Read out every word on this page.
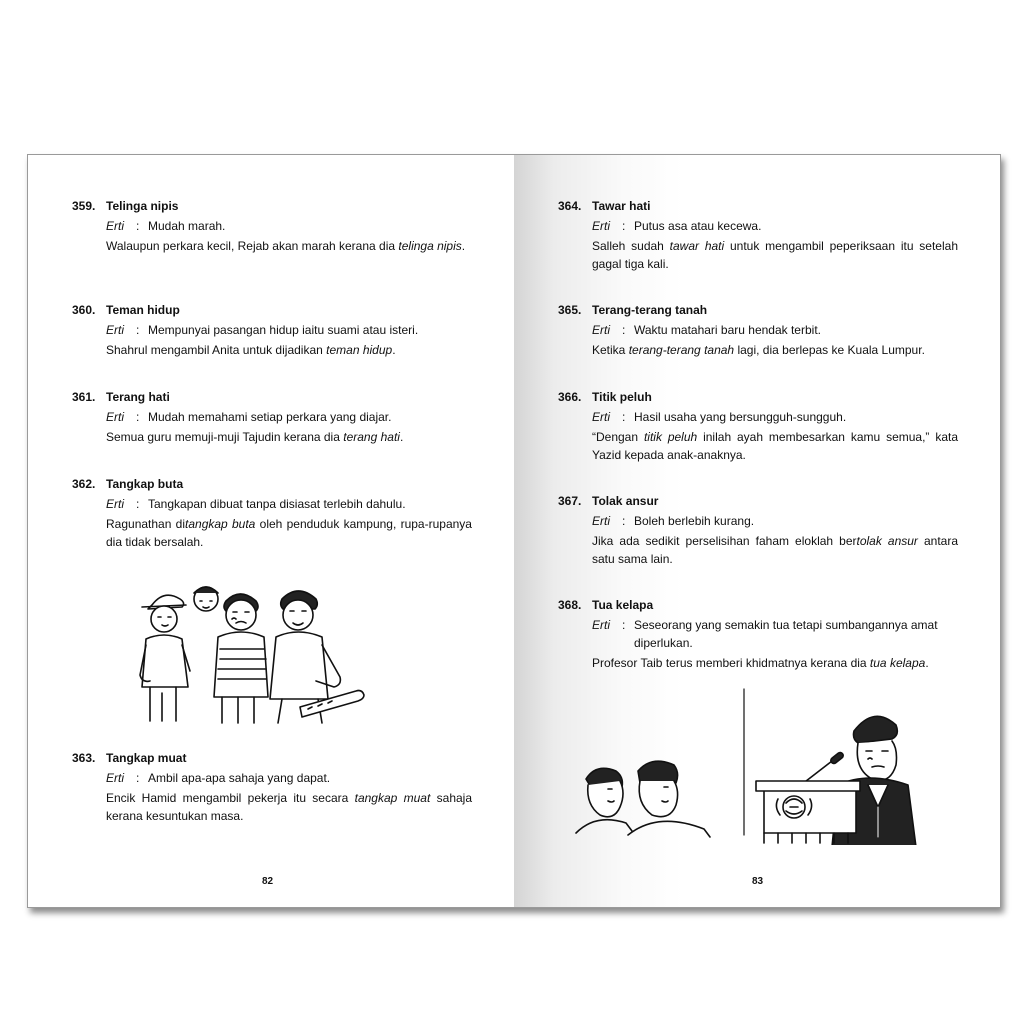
359. Telinga nipis
Erti	: Mudah marah.
Walaupun perkara kecil, Rejab akan marah kerana dia telinga nipis.
360. Teman hidup
Erti	: Mempunyai pasangan hidup iaitu suami atau isteri.
Shahrul mengambil Anita untuk dijadikan teman hidup.
361. Terang hati
Erti	: Mudah memahami setiap perkara yang diajar.
Semua guru memuji-muji Tajudin kerana dia terang hati.
362. Tangkap buta
Erti	: Tangkapan dibuat tanpa disiasat terlebih dahulu.
Ragunathan ditangkap buta oleh penduduk kampung, rupa-rupanya dia tidak bersalah.
363. Tangkap muat
Erti	: Ambil apa-apa sahaja yang dapat.
Encik Hamid mengambil pekerja itu secara tangkap muat sahaja kerana kesuntukan masa.
82
364. Tawar hati
Erti	: Putus asa atau kecewa.
Salleh sudah tawar hati untuk mengambil peperiksaan itu setelah gagal tiga kali.
365. Terang-terang tanah
Erti	: Waktu matahari baru hendak terbit.
Ketika terang-terang tanah lagi, dia berlepas ke Kuala Lumpur.
366. Titik peluh
Erti	: Hasil usaha yang bersungguh-sungguh.
“Dengan titik peluh inilah ayah membesarkan kamu semua,” kata Yazid kepada anak-anaknya.
367. Tolak ansur
Erti	: Boleh berlebih kurang.
Jika ada sedikit perselisihan faham eloklah bertolak ansur antara satu sama lain.
368. Tua kelapa
Erti	: Seseorang yang semakin tua tetapi sumbangannya amat diperlukan.
Profesor Taib terus memberi khidmatnya kerana dia tua kelapa.
83
